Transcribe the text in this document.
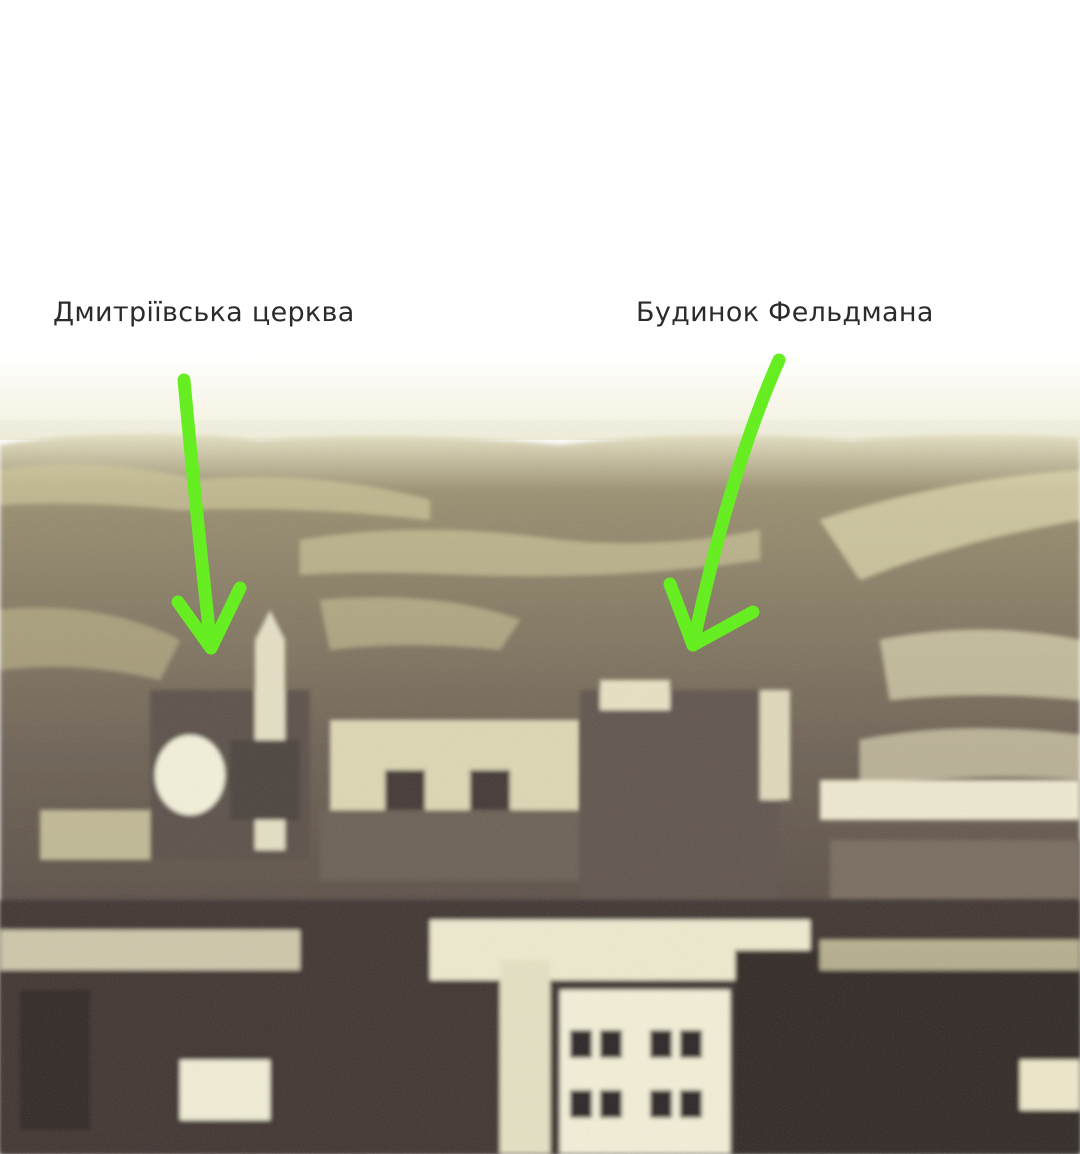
Дмитріївська церква	Будинок Фельдмана
